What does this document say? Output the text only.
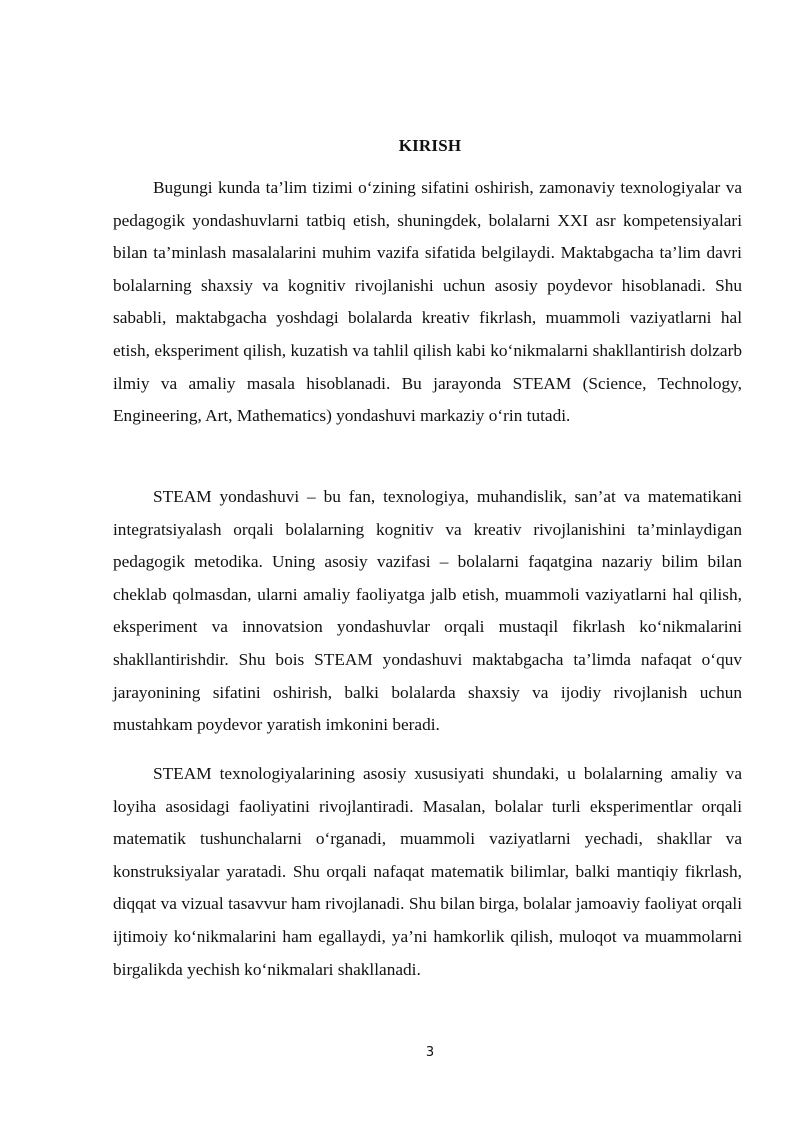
KIRISH

Bugungi kunda ta’lim tizimi o‘zining sifatini oshirish, zamonaviy texnologiyalar va pedagogik yondashuvlarni tatbiq etish, shuningdek, bolalarni XXI asr kompetensiyalari bilan ta’minlash masalalarini muhim vazifa sifatida belgilaydi. Maktabgacha ta’lim davri bolalarning shaxsiy va kognitiv rivojlanishi uchun asosiy poydevor hisoblanadi. Shu sababli, maktabgacha yoshdagi bolalarda kreativ fikrlash, muammoli vaziyatlarni hal etish, eksperiment qilish, kuzatish va tahlil qilish kabi ko‘nikmalarni shakllantirish dolzarb ilmiy va amaliy masala hisoblanadi. Bu jarayonda STEAM (Science, Technology, Engineering, Art, Mathematics) yondashuvi markaziy o‘rin tutadi.

STEAM yondashuvi – bu fan, texnologiya, muhandislik, san’at va matematikani integratsiyalash orqali bolalarning kognitiv va kreativ rivojlanishini ta’minlaydigan pedagogik metodika. Uning asosiy vazifasi – bolalarni faqatgina nazariy bilim bilan cheklab qolmasdan, ularni amaliy faoliyatga jalb etish, muammoli vaziyatlarni hal qilish, eksperiment va innovatsion yondashuvlar orqali mustaqil fikrlash ko‘nikmalarini shakllantirishdir. Shu bois STEAM yondashuvi maktabgacha ta’limda nafaqat o‘quv jarayonining sifatini oshirish, balki bolalarda shaxsiy va ijodiy rivojlanish uchun mustahkam poydevor yaratish imkonini beradi.

STEAM texnologiyalarining asosiy xususiyati shundaki, u bolalarning amaliy va loyiha asosidagi faoliyatini rivojlantiradi. Masalan, bolalar turli eksperimentlar orqali matematik tushunchalarni o‘rganadi, muammoli vaziyatlarni yechadi, shakllar va konstruksiyalar yaratadi. Shu orqali nafaqat matematik bilimlar, balki mantiqiy fikrlash, diqqat va vizual tasavvur ham rivojlanadi. Shu bilan birga, bolalar jamoaviy faoliyat orqali ijtimoiy ko‘nikmalarini ham egallaydi, ya’ni hamkorlik qilish, muloqot va muammolarni birgalikda yechish ko‘nikmalari shakllanadi.

3
